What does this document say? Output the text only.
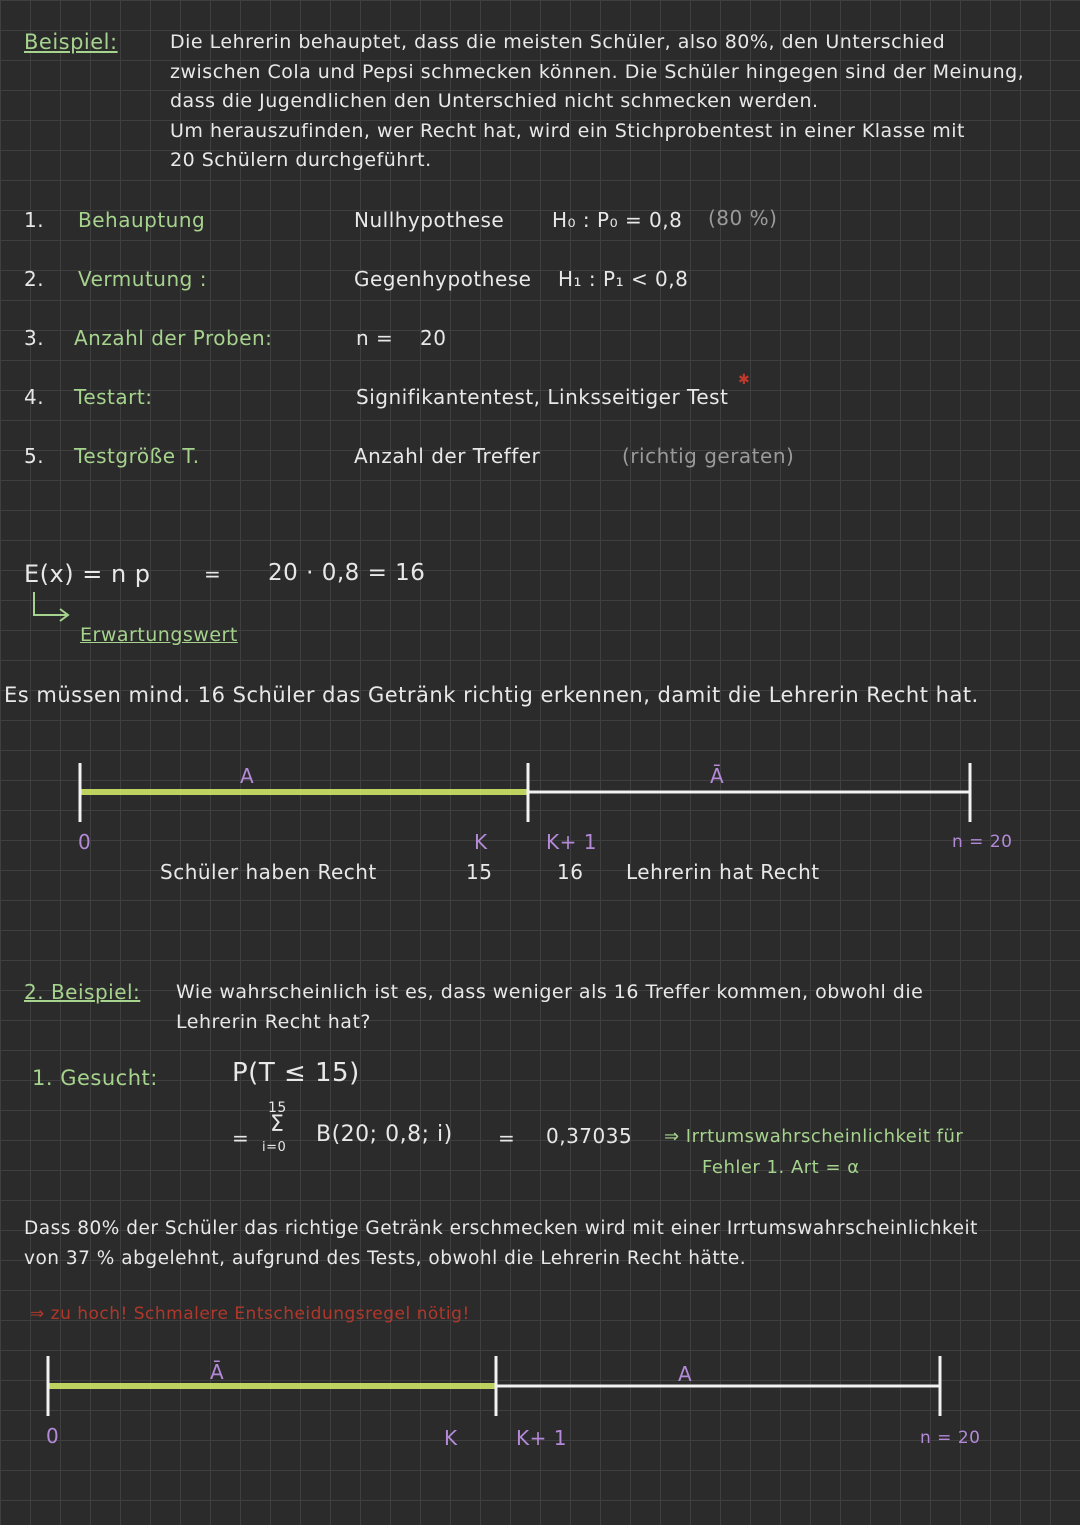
Beispiel:	Die Lehrerin behauptet, dass die meisten Schüler, also 80%, den Unterschied
zwischen Cola und Pepsi schmecken können. Die Schüler hingegen sind der Meinung,
dass die Jugendlichen den Unterschied nicht schmecken werden.
Um herauszufinden, wer Recht hat, wird ein Stichprobentest in einer Klasse mit
20 Schülern durchgeführt.
1. Behauptung	Nullhypothese H₀ : P₀ = 0,8 (80 %)
2. Vermutung :	Gegenhypothese H₁ : P₁ < 0,8
3. Anzahl der Proben:	n = 20
4. Testart:	Signifikantentest, Linksseitiger Test
✱
5. Testgröße T.	Anzahl der Treffer	(richtig geraten)
E(x) = n p	= 20 · 0,8 = 16
Erwartungswert
Es müssen mind. 16 Schüler das Getränk richtig erkennen, damit die Lehrerin Recht hat.
A	Ā
0	K
15
K+ 1
16
n = 20
Schüler haben Recht	Lehrerin hat Recht
2. Beispiel: Wie wahrscheinlich ist es, dass weniger als 16 Treffer kommen, obwohl die
Lehrerin Recht hat?
1. Gesucht:	P(T ≤ 15)
=
15
Σ
i=0
B(20; 0,8; i) = 0,37035 ⇒ Irrtumswahrscheinlichkeit für
Fehler 1. Art = α
Dass 80% der Schüler das richtige Getränk erschmecken wird mit einer Irrtumswahrscheinlichkeit
von 37 % abgelehnt, aufgrund des Tests, obwohl die Lehrerin Recht hätte.
⇒ zu hoch! Schmalere Entscheidungsregel nötig!
Ā	A
0	K	K+ 1	n = 20
